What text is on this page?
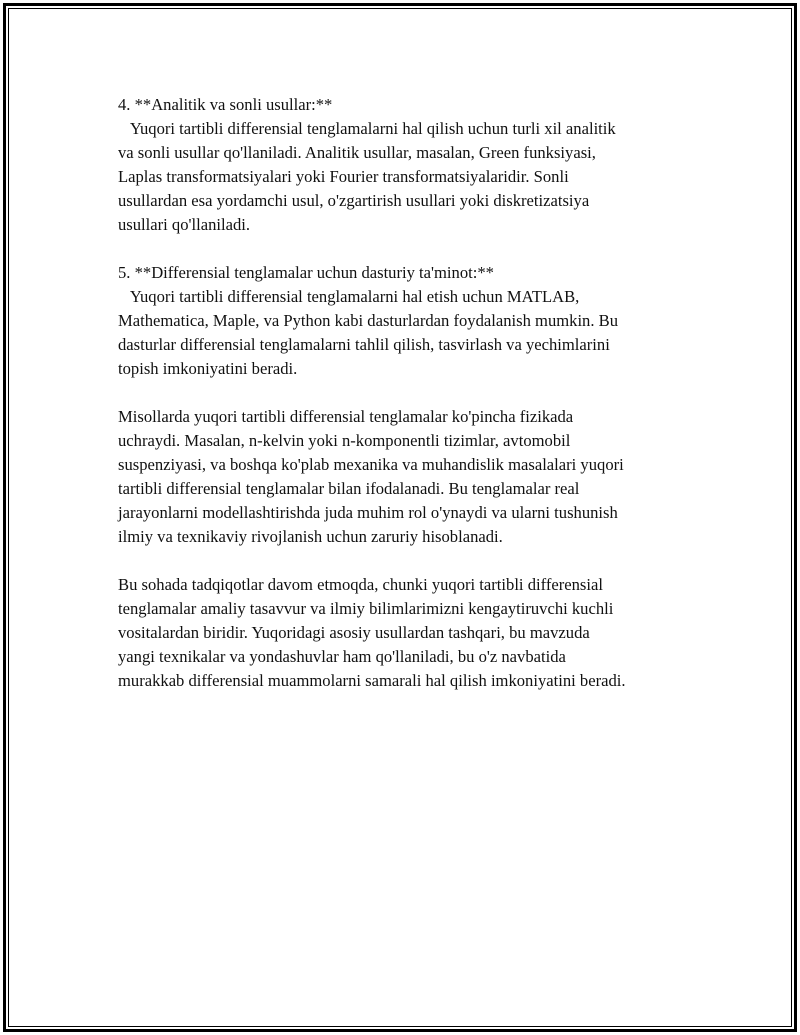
4. **Analitik va sonli usullar:**
Yuqori tartibli differensial tenglamalarni hal qilish uchun turli xil analitik
va sonli usullar qo'llaniladi. Analitik usullar, masalan, Green funksiyasi,
Laplas transformatsiyalari yoki Fourier transformatsiyalaridir. Sonli
usullardan esa yordamchi usul, o'zgartirish usullari yoki diskretizatsiya
usullari qo'llaniladi.

5. **Differensial tenglamalar uchun dasturiy ta'minot:**
Yuqori tartibli differensial tenglamalarni hal etish uchun MATLAB,
Mathematica, Maple, va Python kabi dasturlardan foydalanish mumkin. Bu
dasturlar differensial tenglamalarni tahlil qilish, tasvirlash va yechimlarini
topish imkoniyatini beradi.

Misollarda yuqori tartibli differensial tenglamalar ko'pincha fizikada
uchraydi. Masalan, n-kelvin yoki n-komponentli tizimlar, avtomobil
suspenziyasi, va boshqa ko'plab mexanika va muhandislik masalalari yuqori
tartibli differensial tenglamalar bilan ifodalanadi. Bu tenglamalar real
jarayonlarni modellashtirishda juda muhim rol o'ynaydi va ularni tushunish
ilmiy va texnikaviy rivojlanish uchun zaruriy hisoblanadi.

Bu sohada tadqiqotlar davom etmoqda, chunki yuqori tartibli differensial
tenglamalar amaliy tasavvur va ilmiy bilimlarimizni kengaytiruvchi kuchli
vositalardan biridir. Yuqoridagi asosiy usullardan tashqari, bu mavzuda
yangi texnikalar va yondashuvlar ham qo'llaniladi, bu o'z navbatida
murakkab differensial muammolarni samarali hal qilish imkoniyatini beradi.
